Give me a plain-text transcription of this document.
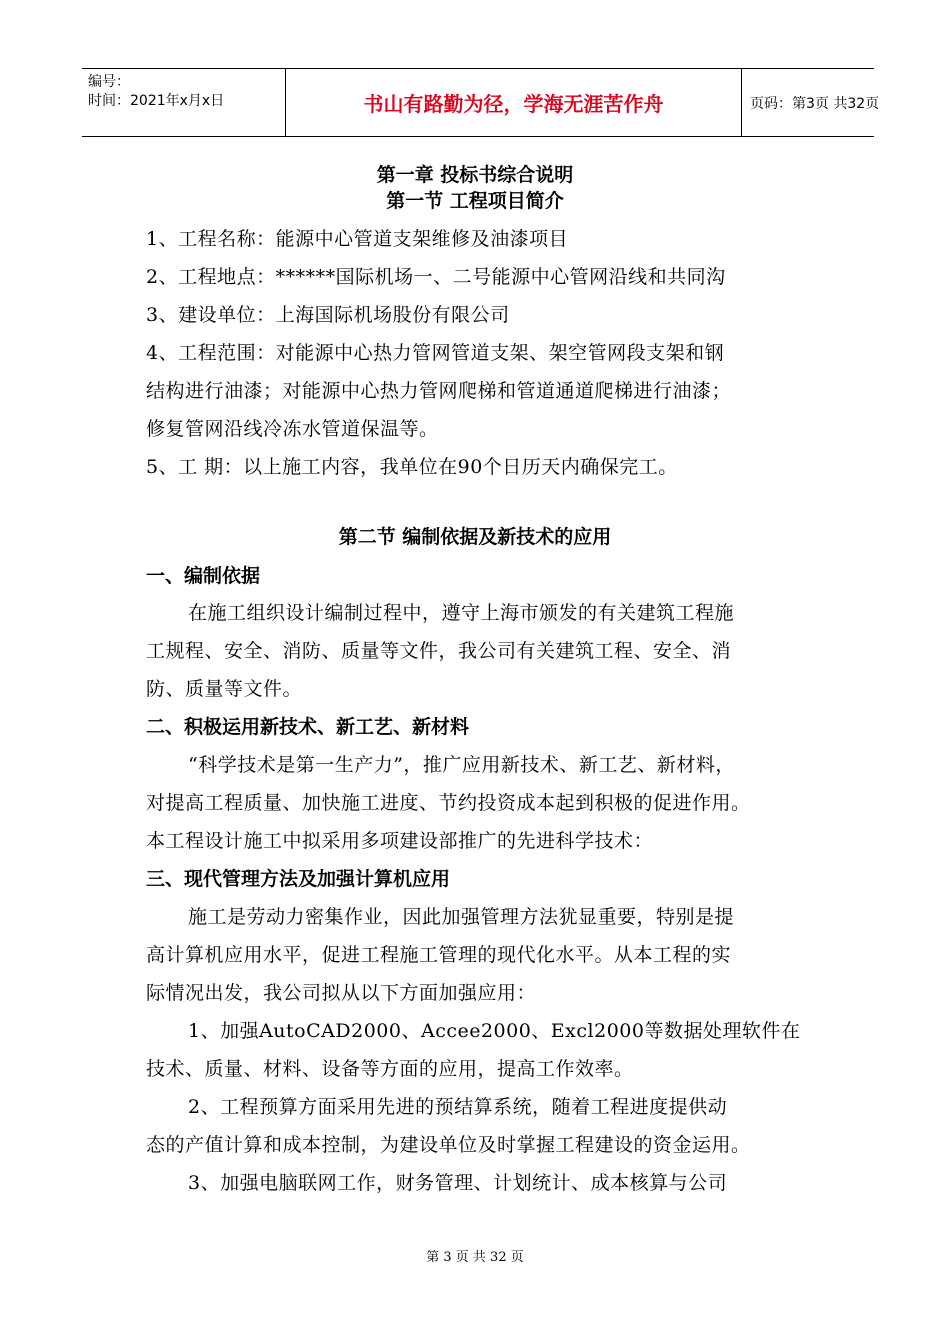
编号：
时间：2021年x月x日	书山有路勤为径，学海无涯苦作舟	页码：第3页 共32页
第一章 投标书综合说明
第一节 工程项目简介
1、工程名称：能源中心管道支架维修及油漆项目
2、工程地点：******国际机场一、二号能源中心管网沿线和共同沟
3、建设单位：上海国际机场股份有限公司
4、工程范围：对能源中心热力管网管道支架、架空管网段支架和钢
结构进行油漆；对能源中心热力管网爬梯和管道通道爬梯进行油漆；
修复管网沿线冷冻水管道保温等。
5、工 期：以上施工内容，我单位在90个日历天内确保完工。
第二节 编制依据及新技术的应用
一、编制依据
在施工组织设计编制过程中，遵守上海市颁发的有关建筑工程施
工规程、安全、消防、质量等文件，我公司有关建筑工程、安全、消
防、质量等文件。
二、积极运用新技术、新工艺、新材料
“科学技术是第一生产力”，推广应用新技术、新工艺、新材料，
对提高工程质量、加快施工进度、节约投资成本起到积极的促进作用。
本工程设计施工中拟采用多项建设部推广的先进科学技术：
三、现代管理方法及加强计算机应用
施工是劳动力密集作业，因此加强管理方法犹显重要，特别是提
高计算机应用水平，促进工程施工管理的现代化水平。从本工程的实
际情况出发，我公司拟从以下方面加强应用：
1、加强AutoCAD2000、Accee2000、Excl2000等数据处理软件在
技术、质量、材料、设备等方面的应用，提高工作效率。
2、工程预算方面采用先进的预结算系统，随着工程进度提供动
态的产值计算和成本控制，为建设单位及时掌握工程建设的资金运用。
3、加强电脑联网工作，财务管理、计划统计、成本核算与公司
第 3 页 共 32 页
